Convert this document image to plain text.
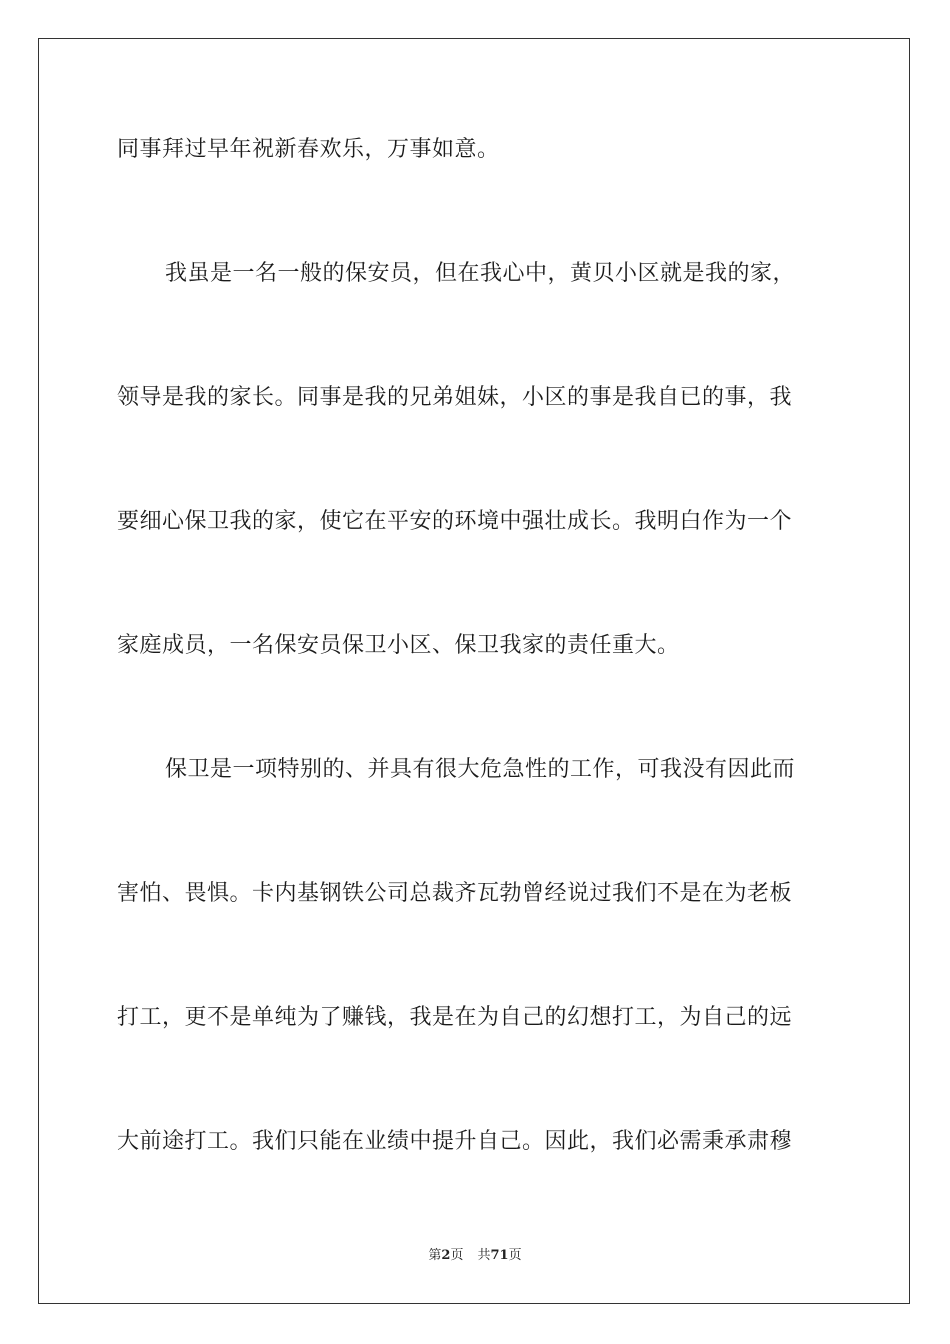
同事拜过早年祝新春欢乐，万事如意。
我虽是一名一般的保安员，但在我心中，黄贝小区就是我的家，
领导是我的家长。同事是我的兄弟姐妹，小区的事是我自已的事，我
要细心保卫我的家，使它在平安的环境中强壮成长。我明白作为一个
家庭成员，一名保安员保卫小区、保卫我家的责任重大。
保卫是一项特别的、并具有很大危急性的工作，可我没有因此而
害怕、畏惧。卡内基钢铁公司总裁齐瓦勃曾经说过我们不是在为老板
打工，更不是单纯为了赚钱，我是在为自己的幻想打工，为自己的远
大前途打工。我们只能在业绩中提升自己。因此，我们必需秉承肃穆
第2页 共71页
